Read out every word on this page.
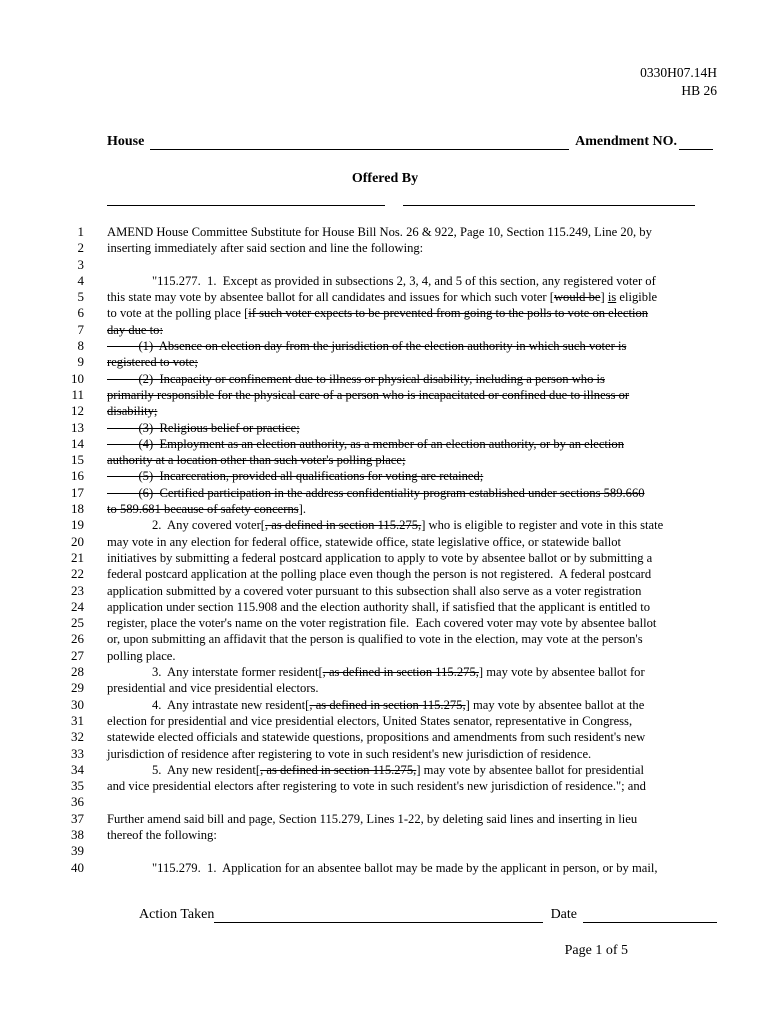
0330H07.14H
HB 26
House	Amendment NO.
Offered By
1 AMEND House Committee Substitute for House Bill Nos. 26 & 922, Page 10, Section 115.249, Line 20, by
2 inserting immediately after said section and line the following:
3
4	"115.277.  1.  Except as provided in subsections 2, 3, 4, and 5 of this section, any registered voter of
5 this state may vote by absentee ballot for all candidates and issues for which such voter [would be] is eligible
6 to vote at the polling place [if such voter expects to be prevented from going to the polls to vote on election
7 day due to:
8 (1)  Absence on election day from the jurisdiction of the election authority in which such voter is
9 registered to vote;
10 (2)  Incapacity or confinement due to illness or physical disability, including a person who is
11 primarily responsible for the physical care of a person who is incapacitated or confined due to illness or
12 disability;
13 (3)  Religious belief or practice;
14 (4)  Employment as an election authority, as a member of an election authority, or by an election
15 authority at a location other than such voter's polling place;
16 (5)  Incarceration, provided all qualifications for voting are retained;
17 (6)  Certified participation in the address confidentiality program established under sections 589.660
18 to 589.681 because of safety concerns].
19	2.  Any covered voter[, as defined in section 115.275,] who is eligible to register and vote in this state
20 may vote in any election for federal office, statewide office, state legislative office, or statewide ballot
21 initiatives by submitting a federal postcard application to apply to vote by absentee ballot or by submitting a
22 federal postcard application at the polling place even though the person is not registered.  A federal postcard
23 application submitted by a covered voter pursuant to this subsection shall also serve as a voter registration
24 application under section 115.908 and the election authority shall, if satisfied that the applicant is entitled to
25 register, place the voter's name on the voter registration file.  Each covered voter may vote by absentee ballot
26 or, upon submitting an affidavit that the person is qualified to vote in the election, may vote at the person's
27 polling place.
28	3.  Any interstate former resident[, as defined in section 115.275,] may vote by absentee ballot for
29 presidential and vice presidential electors.
30	4.  Any intrastate new resident[, as defined in section 115.275,] may vote by absentee ballot at the
31 election for presidential and vice presidential electors, United States senator, representative in Congress,
32 statewide elected officials and statewide questions, propositions and amendments from such resident's new
33 jurisdiction of residence after registering to vote in such resident's new jurisdiction of residence.
34	5.  Any new resident[, as defined in section 115.275,] may vote by absentee ballot for presidential
35 and vice presidential electors after registering to vote in such resident's new jurisdiction of residence."; and
36
37 Further amend said bill and page, Section 115.279, Lines 1-22, by deleting said lines and inserting in lieu
38 thereof the following:
39
40	"115.279.  1.  Application for an absentee ballot may be made by the applicant in person, or by mail,
Action Taken	Date
Page 1 of 5
